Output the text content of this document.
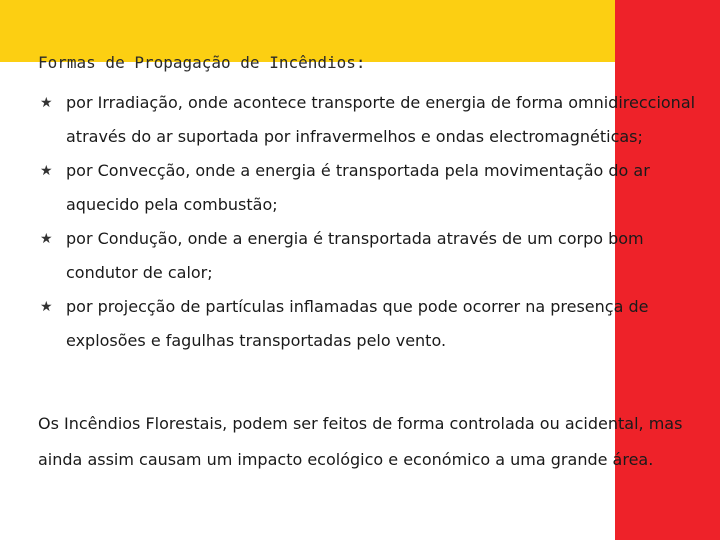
Formas de Propagação de Incêndios:
★ por Irradiação, onde acontece transporte de energia de forma omnidireccional através do ar suportada por infravermelhos e ondas electromagnéticas;
★ por Convecção, onde a energia é transportada pela movimentação do ar aquecido pela combustão;
★ por Condução, onde a energia é transportada através de um corpo bom condutor de calor;
★ por projecção de partículas inflamadas que pode ocorrer na presença de explosões e fagulhas transportadas pelo vento.

Os Incêndios Florestais, podem ser feitos de forma controlada ou acidental, mas ainda assim causam um impacto ecológico e económico a uma grande área.
